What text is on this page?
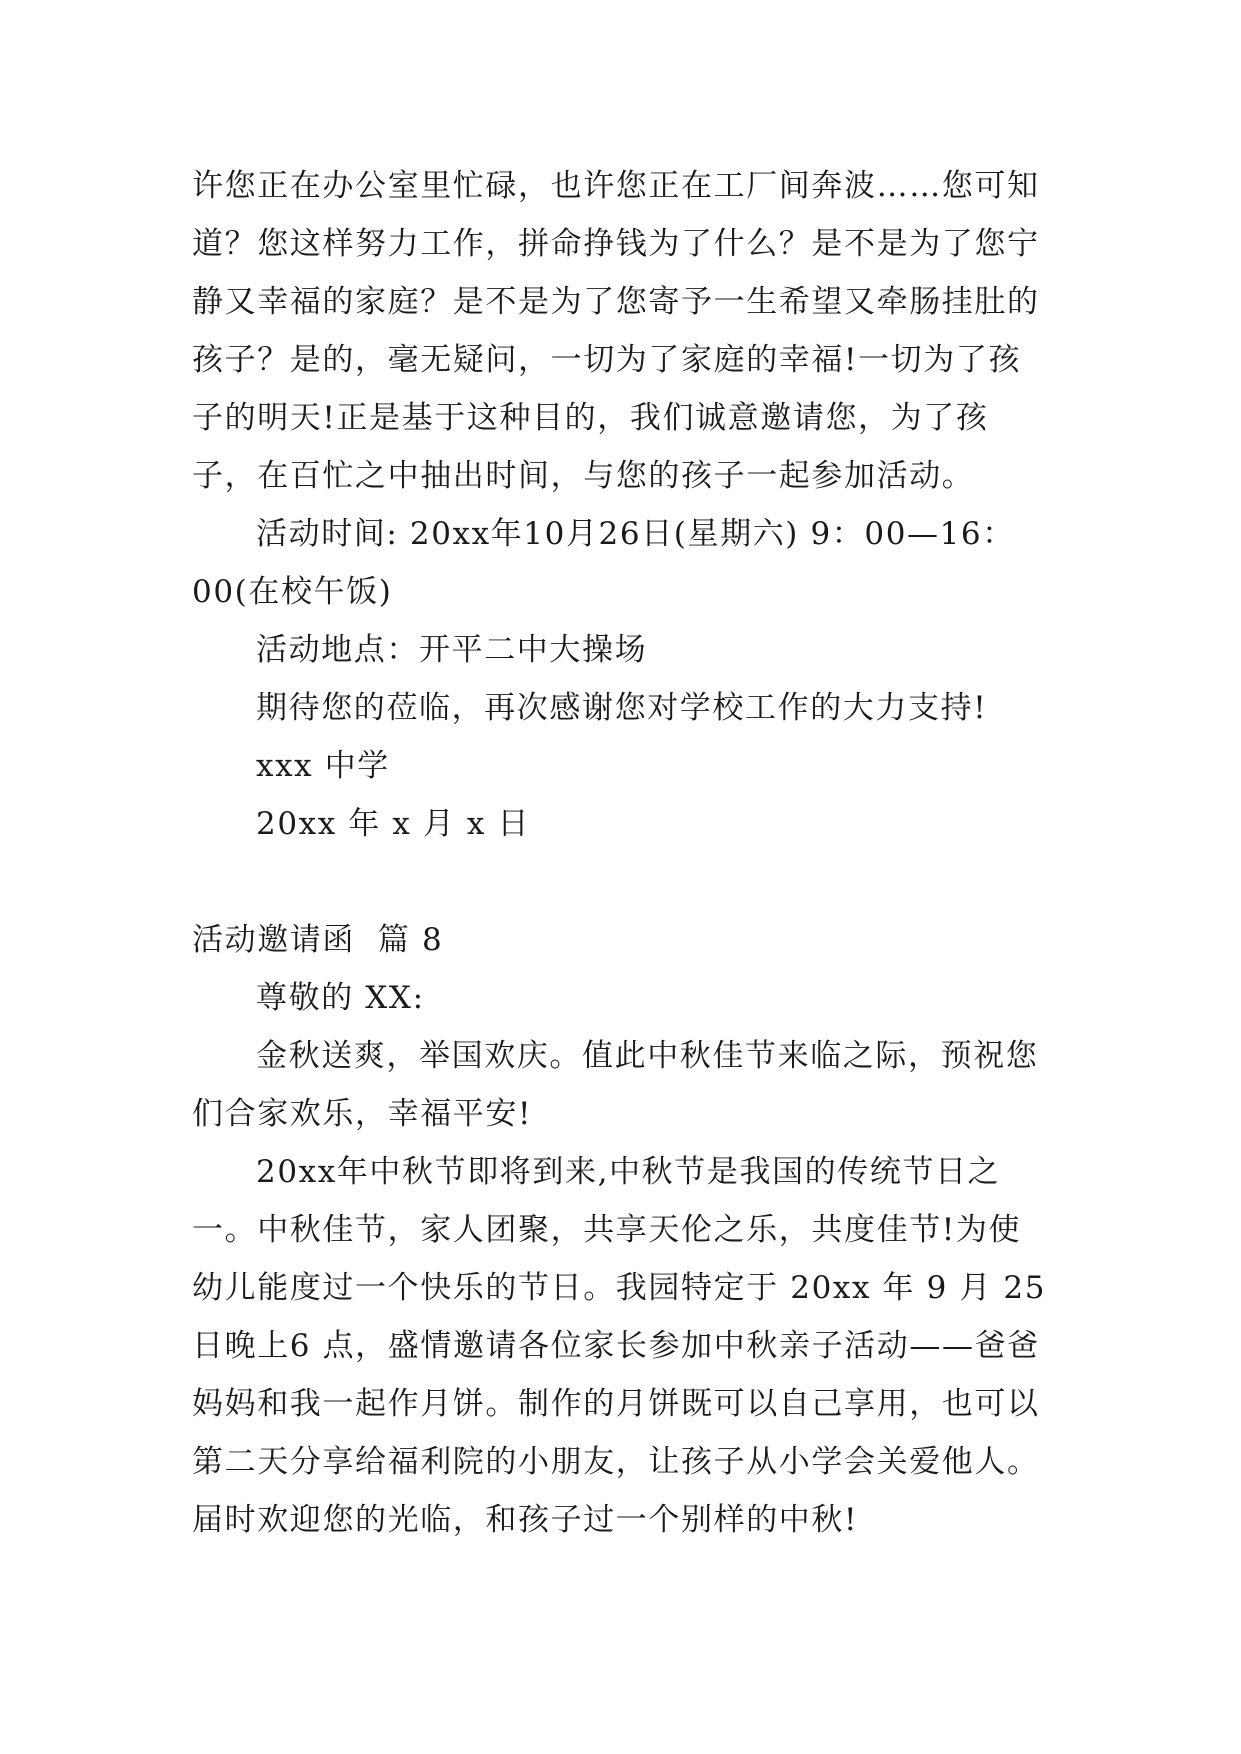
许您正在办公室里忙碌，也许您正在工厂间奔波……您可知道？您这样努力工作，拼命挣钱为了什么？是不是为了您宁静又幸福的家庭？是不是为了您寄予一生希望又牵肠挂肚的孩子？是的，毫无疑问，一切为了家庭的幸福!一切为了孩子的明天!正是基于这种目的，我们诚意邀请您，为了孩子，在百忙之中抽出时间，与您的孩子一起参加活动。

活动时间: 20xx年10月26日(星期六) 9：00—16：00(在校午饭)

活动地点：开平二中大操场

期待您的莅临，再次感谢您对学校工作的大力支持!

xxx 中学

20xx 年 x 月 x 日

活动邀请函  篇 8

尊敬的 XX:

金秋送爽，举国欢庆。值此中秋佳节来临之际，预祝您们合家欢乐，幸福平安!

20xx年中秋节即将到来,中秋节是我国的传统节日之一。中秋佳节，家人团聚，共享天伦之乐，共度佳节!为使幼儿能度过一个快乐的节日。我园特定于 20xx 年 9 月 25 日晚上6 点，盛情邀请各位家长参加中秋亲子活动——爸爸妈妈和我一起作月饼。制作的月饼既可以自己享用，也可以第二天分享给福利院的小朋友，让孩子从小学会关爱他人。届时欢迎您的光临，和孩子过一个别样的中秋!
